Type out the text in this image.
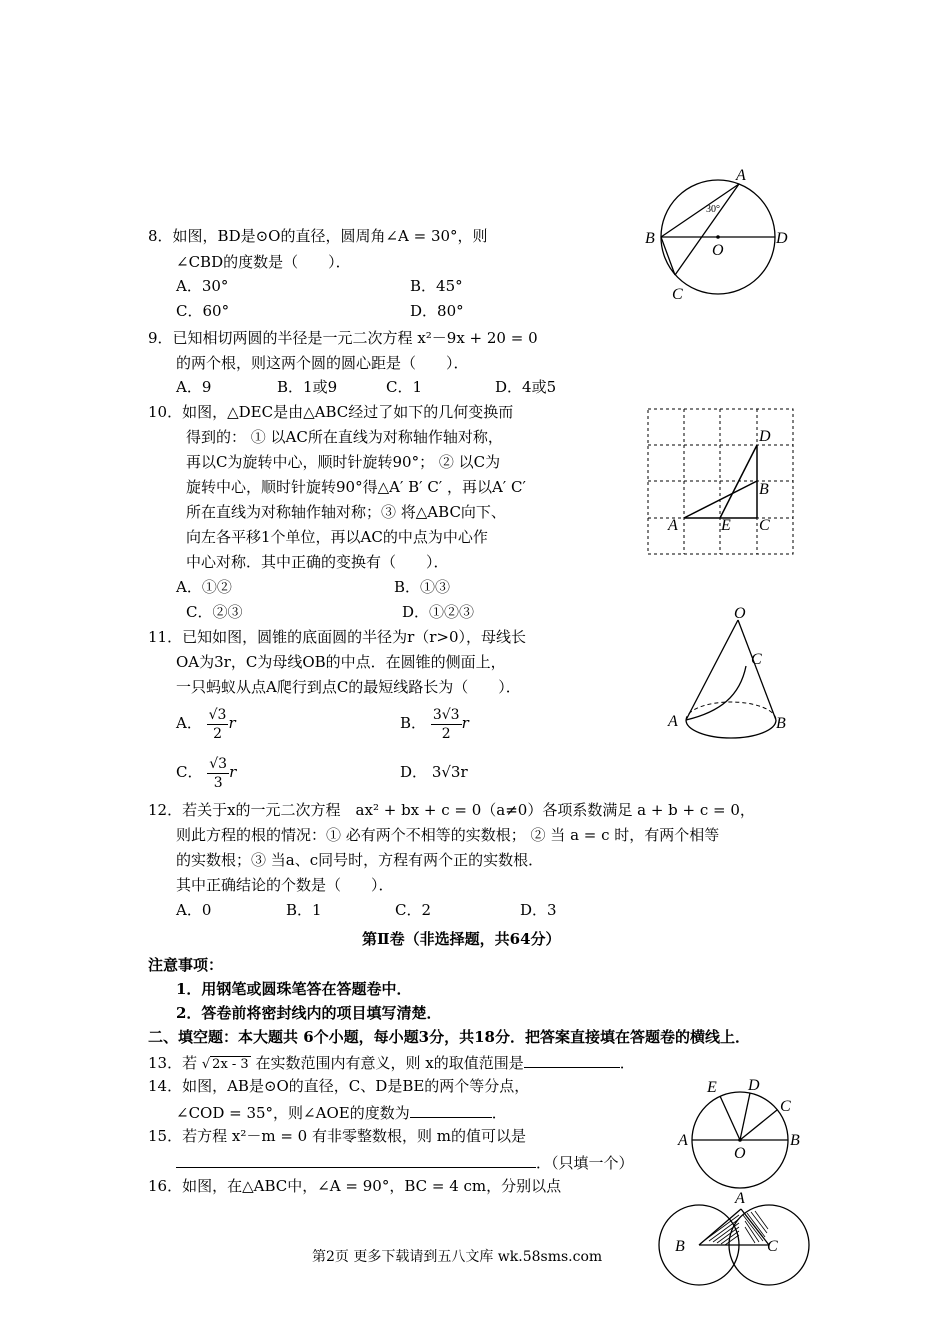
8．如图，BD是⊙O的直径，圆周角∠A = 30°，则
∠CBD的度数是（　　）．
A．30°	B．45°
C．60°	D．80°
A
B
C
D
O
30°
9．已知相切两圆的半径是一元二次方程 x²－9x + 20 = 0
的两个根，则这两个圆的圆心距是（　　）．
A．9	B．1或9	C．1	D．4或5
10．如图，△DEC是由△ABC经过了如下的几何变换而
得到的： ① 以AC所在直线为对称轴作轴对称，
再以C为旋转中心，顺时针旋转90°； ② 以C为
旋转中心，顺时针旋转90°得△A′ B′ C′ ，再以A′ C′
所在直线为对称轴作轴对称；③ 将△ABC向下、
向左各平移1个单位，再以AC的中点为中心作
中心对称．其中正确的变换有（　　）．
A．①②	B．①③
C．②③	D．①②③
A
B
C
D
E
11．已知如图，圆锥的底面圆的半径为r（r>0），母线长
OA为3r，C为母线OB的中点．在圆锥的侧面上，
一只蚂蚁从点A爬行到点C的最短线路长为（　　）．
A． $\frac{√3}{2}$ r	B． $\frac{3√3}{2}$ r
C． $\frac{√3}{3}$ r	D． 3√3r
O
A	B
C
12．若关于x的一元二次方程　ax² + bx + c = 0（a≠0）各项系数满足 a + b + c = 0，
则此方程的根的情况：① 必有两个不相等的实数根； ② 当 a = c 时，有两个相等
的实数根；③ 当a、c同号时，方程有两个正的实数根．
其中正确结论的个数是（　　）．
A．0	B．1	C．2	D．3
第Ⅱ卷（非选择题，共64分）
注意事项：
1．用钢笔或圆珠笔答在答题卷中．
2．答卷前将密封线内的项目填写清楚．
二、填空题：本大题共 6个小题，每小题3分，共18分．把答案直接填在答题卷的横线上．
13．若 √ 2x - 3 在实数范围内有意义，则 x的取值范围是	．
14．如图，AB是⊙O的直径，C、D是BE的两个等分点，
∠COD = 35°，则∠AOE的度数为	．
A	B
C
D
E
O
15．若方程 x²－m = 0 有非零整数根，则 m的值可以是
．（只填一个）
16．如图，在△ABC中，∠A = 90°，BC = 4 cm，分别以点
A
B	C
第2页 更多下载请到五八文库 wk.58sms.com
